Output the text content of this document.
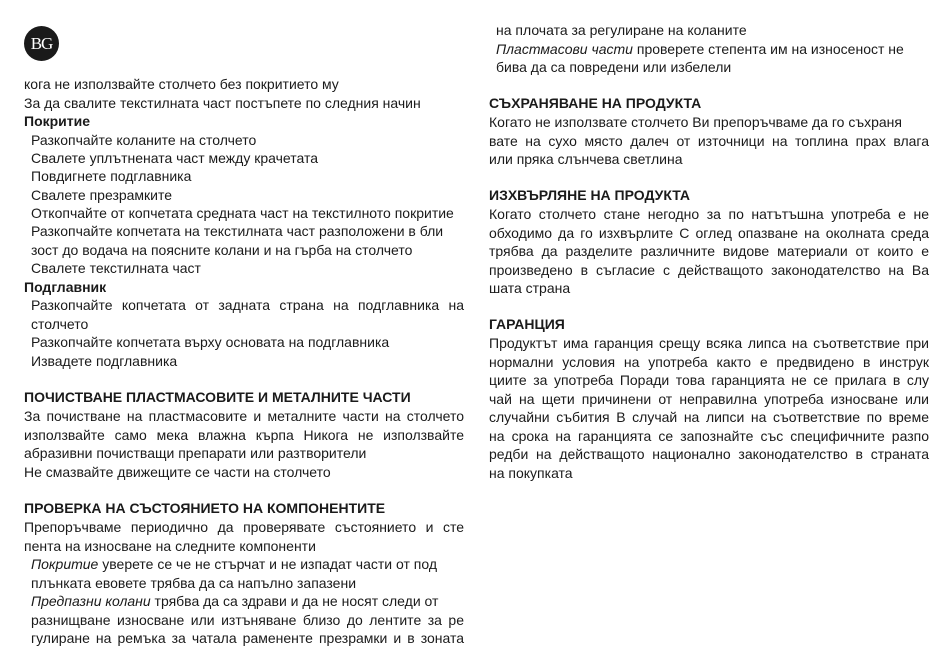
BG
кога не използвайте столчето без покритието му
За да свалите текстилната част постъпете по следния начин
Покритие
Разкопчайте коланите на столчето
Свалете уплътнената част между крачетата
Повдигнете подглавника
Свалете презрамките
Откопчайте от копчетата средната част на текстилното покритие
Разкопчайте копчетата на текстилната част разположени в бли
зост до водача на поясните колани и на гърба на столчето
Свалете текстилната част
Подглавник
Разкопчайте копчетата от задната страна на подглавника на
столчето
Разкопчайте копчетата върху основата на подглавника
Извадете подглавника
ПОЧИСТВАНЕ ПЛАСТМАСОВИТЕ И МЕТАЛНИТЕ ЧАСТИ
За почистване на пластмасовите и металните части на столчето
използвайте само мека влажна кърпа Никога не използвайте
абразивни почистващи препарати или разтворители
Не смазвайте движещите се части на столчето
ПРОВЕРКА НА СЪСТОЯНИЕТО НА КОМПОНЕНТИТЕ
Препоръчваме периодично да проверявате състоянието и сте
пента на износване на следните компоненти
Покритие уверете се че не стърчат и не изпадат части от под
плънката евовете трябва да са напълно запазени
Предпазни колани трябва да са здрави и да не носят следи от
разнищване износване или изтъняване близо до лентите за ре
гулиране на ремъка за чатала рамененте презрамки и в зоната
на плочата за регулиране на коланите
Пластмасови части проверете степента им на износеност не
бива да са повредени или избелели
СЪХРАНЯВАНЕ НА ПРОДУКТА
Когато не използвате столчето Ви препоръчваме да го съхраня
вате на сухо място далеч от източници на топлина прах влага
или пряка слънчева светлина
ИЗХВЪРЛЯНЕ НА ПРОДУКТА
Когато столчето стане негодно за по натътъшна употреба е не
обходимо да го изхвърлите С оглед опазване на околната среда
трябва да разделите различните видове материали от които е
произведено в съгласие с действащото законодателство на Ва
шата страна
ГАРАНЦИЯ
Продуктът има гаранция срещу всяка липса на съответствие при
нормални условия на употреба както е предвидено в инструк
циите за употреба Поради това гаранцията не се прилага в слу
чай на щети причинени от неправилна употреба износване или
случайни събития В случай на липси на съответствие по време
на срока на гаранцията се запознайте със специфичните разпо
редби на действащото национално законодателство в страната
на покупката
